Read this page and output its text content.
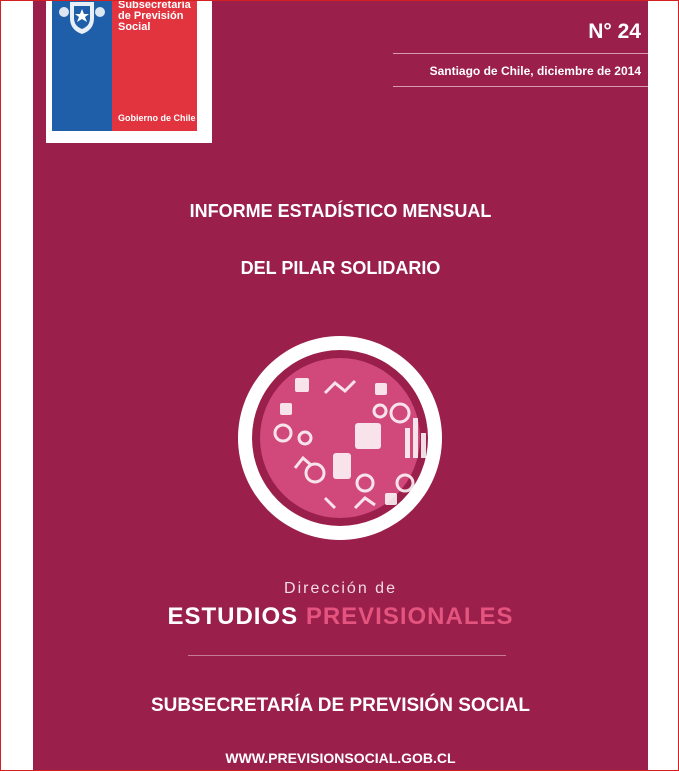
Subsecretaría
de Previsión
Social
Gobierno de Chile
N° 24
Santiago de Chile, diciembre de 2014
INFORME ESTADÍSTICO MENSUAL
DEL PILAR SOLIDARIO
Dirección de
ESTUDIOS PREVISIONALES
SUBSECRETARÍA DE PREVISIÓN SOCIAL
WWW.PREVISIONSOCIAL.GOB.CL
